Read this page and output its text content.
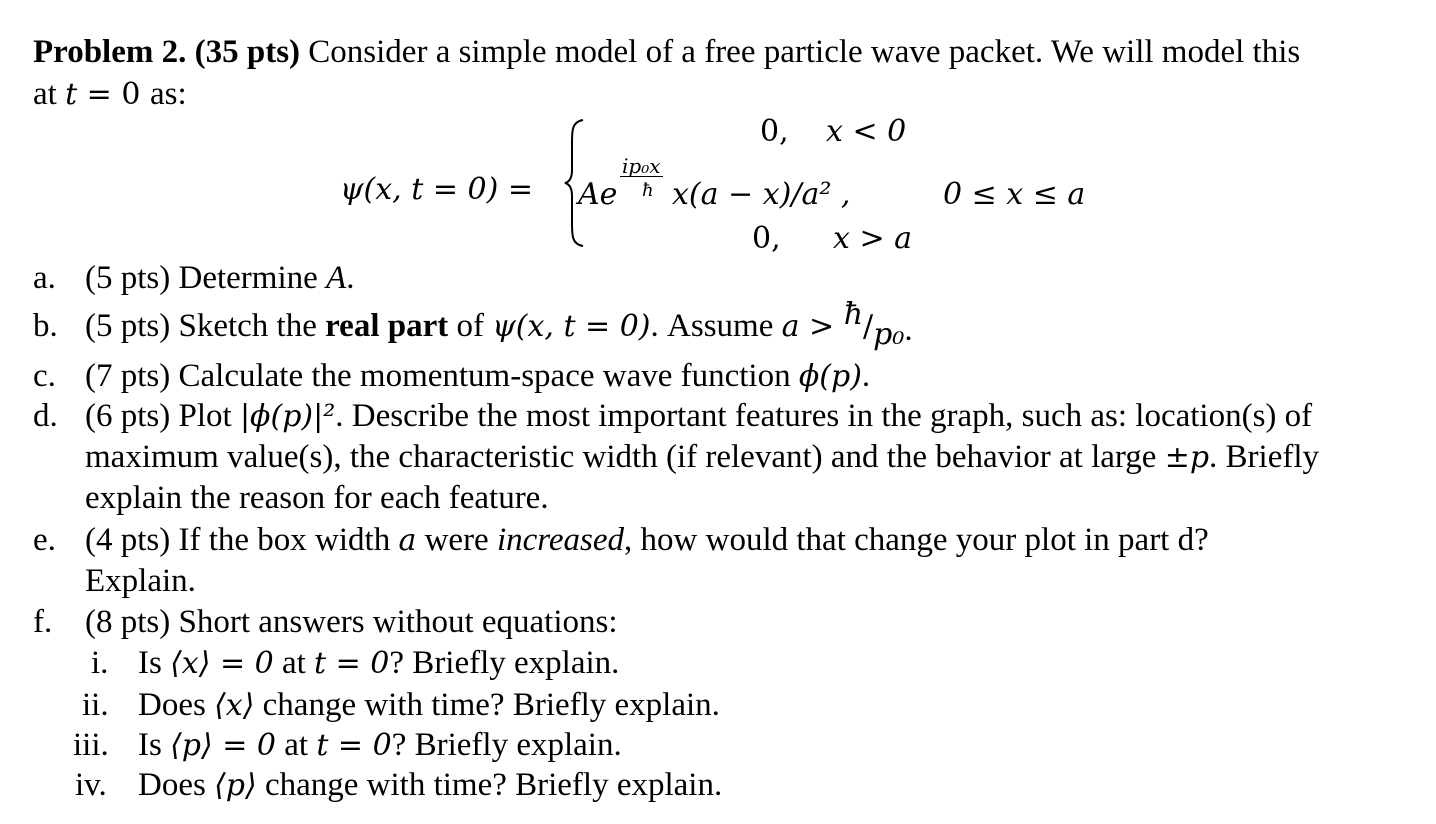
Problem 2. (35 pts) Consider a simple model of a free particle wave packet. We will model this
at t = 0 as:
ψ(x, t = 0) =
0, x < 0
Ae
ip₀x
ħ x(a − x)/a² ,	0 ≤ x ≤ a
0, x > a
a. (5 pts) Determine A.
b. (5 pts) Sketch the real part of ψ(x, t = 0). Assume a > ħ/p₀.
c. (7 pts) Calculate the momentum-space wave function ϕ(p).
d. (6 pts) Plot |ϕ(p)|². Describe the most important features in the graph, such as: location(s) of
maximum value(s), the characteristic width (if relevant) and the behavior at large ±p. Briefly
explain the reason for each feature.
e. (4 pts) If the box width a were increased, how would that change your plot in part d?
Explain.
f. (8 pts) Short answers without equations:
i. Is ⟨x⟩ = 0 at t = 0? Briefly explain.
ii. Does ⟨x⟩ change with time? Briefly explain.
iii. Is ⟨p⟩ = 0 at t = 0? Briefly explain.
iv. Does ⟨p⟩ change with time? Briefly explain.
